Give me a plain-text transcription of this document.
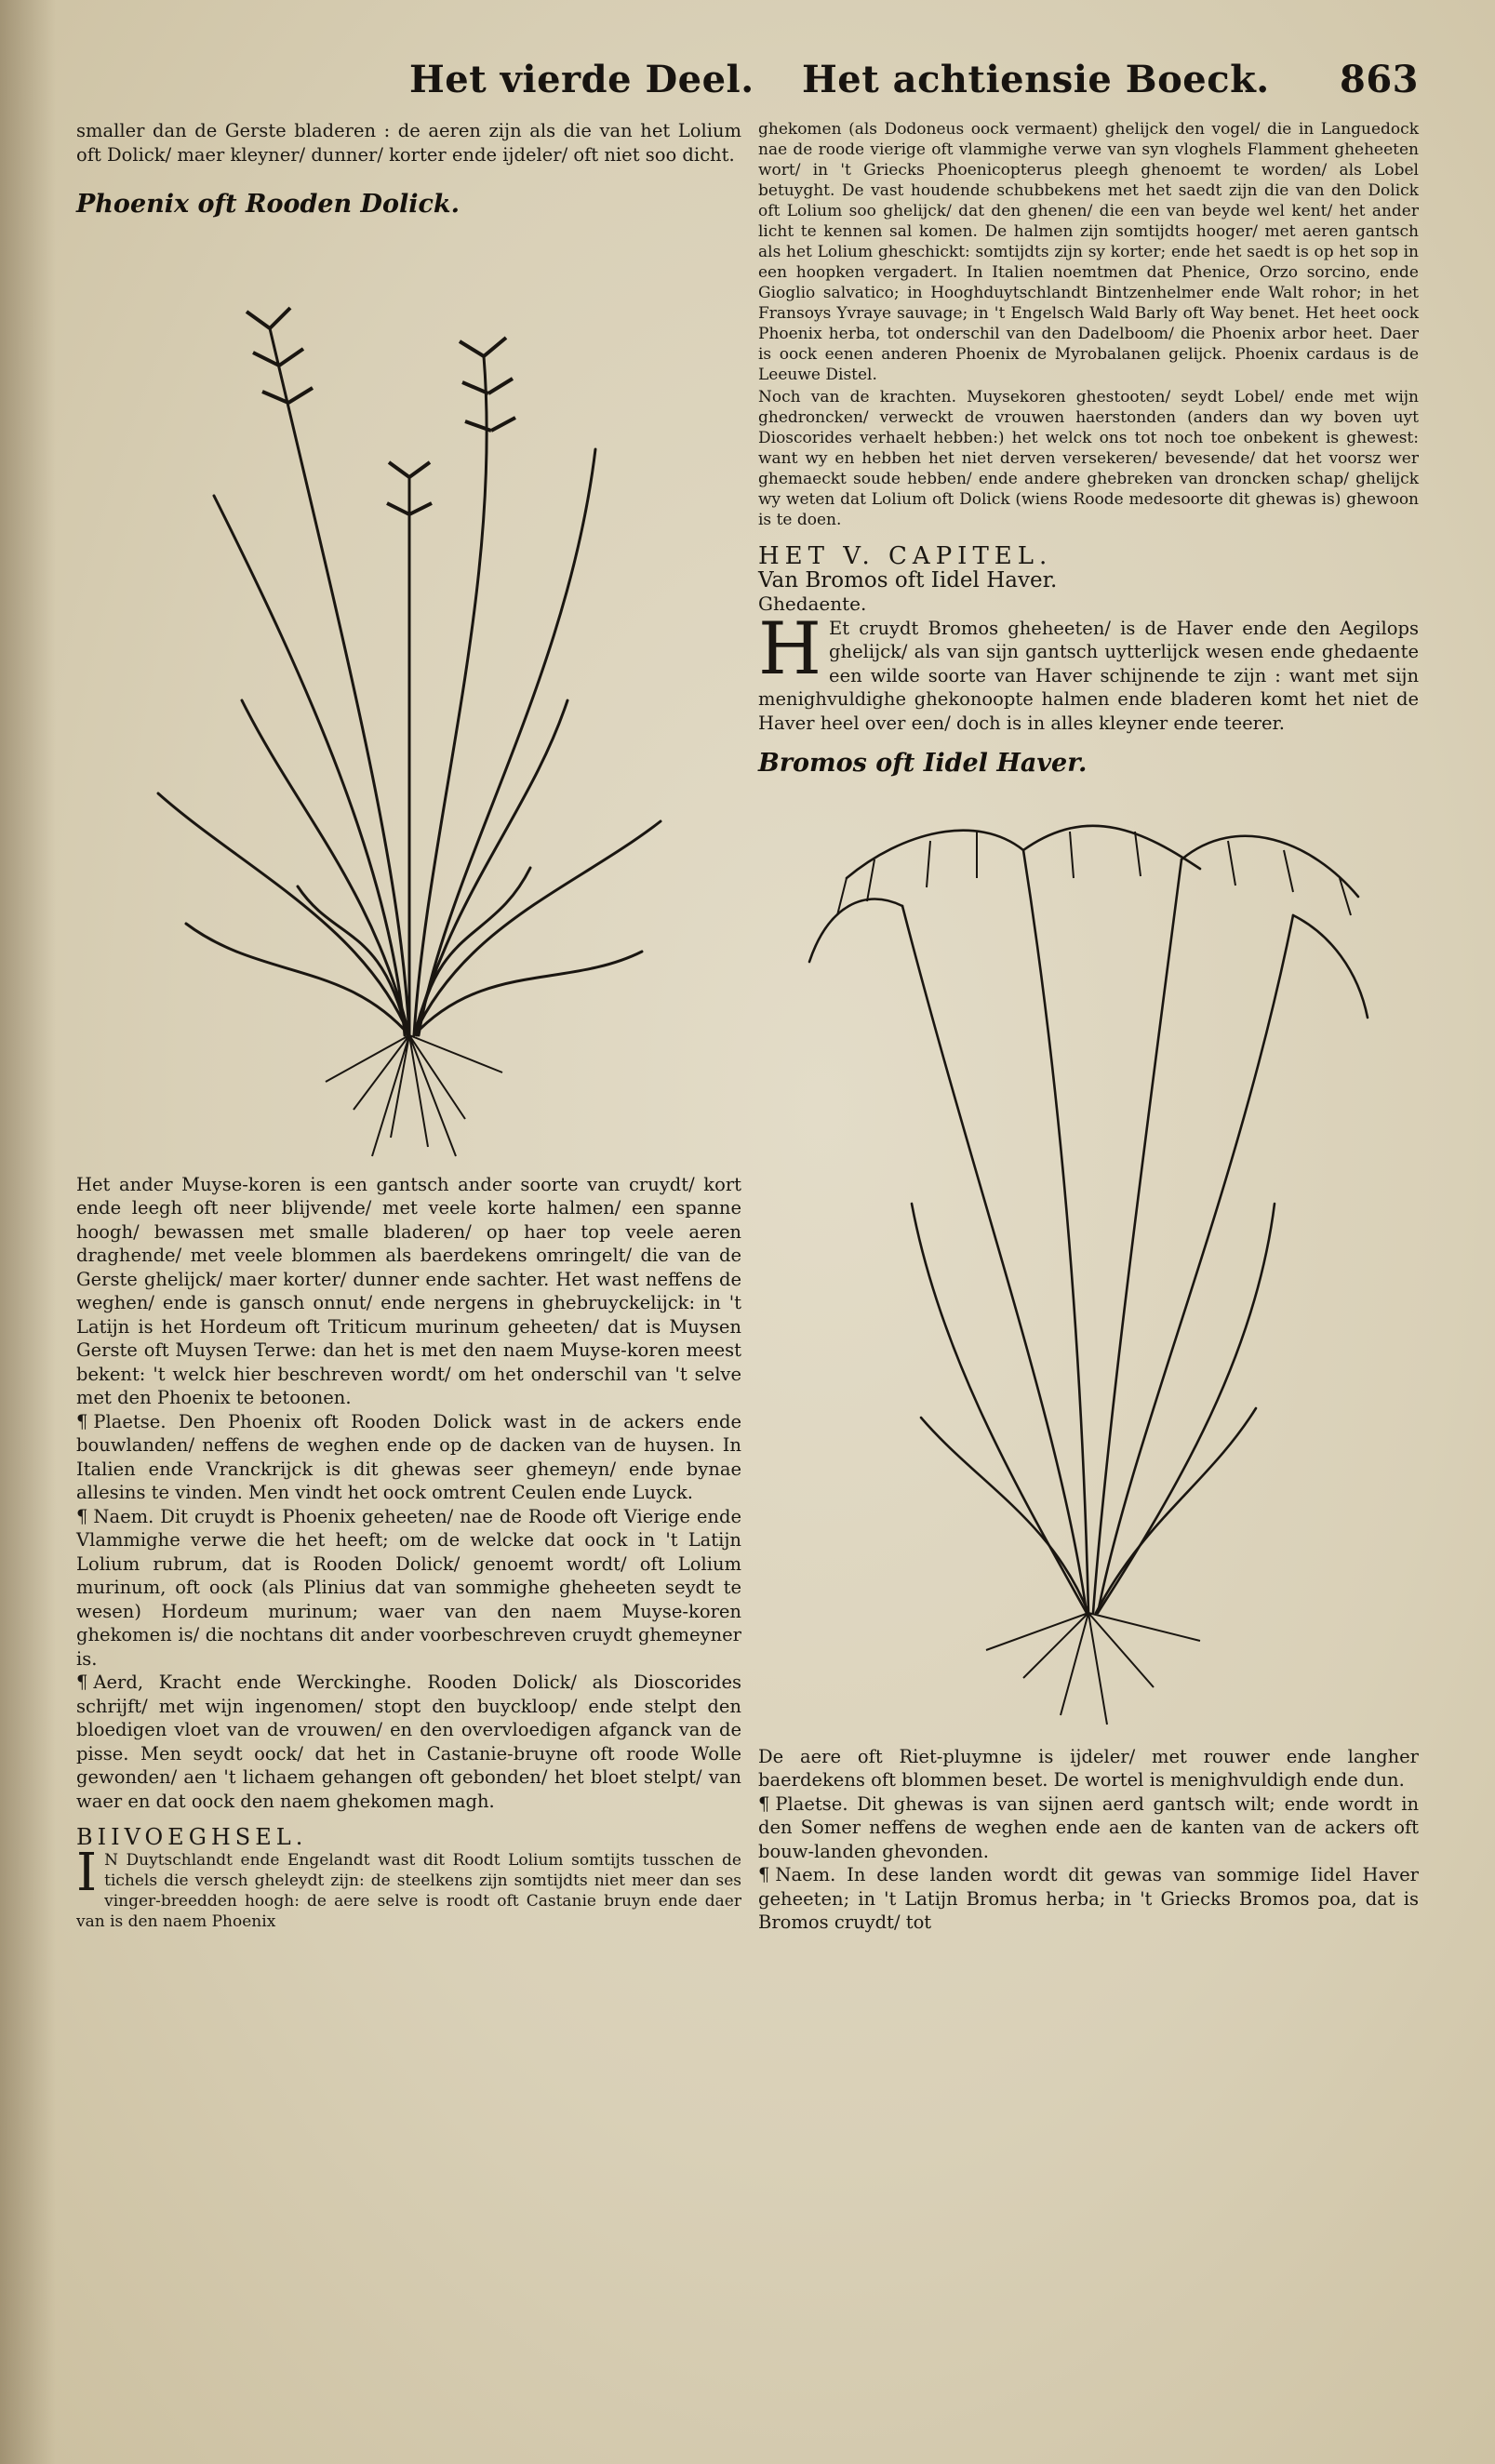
Het vierde Deel. Het achtiensie Boeck. 863

smaller dan de Gerste bladeren : de aeren zijn als die van het Lolium oft Dolick/ maer kleyner/ dunner/ korter ende ijdeler/ oft niet soo dicht.

Phoenix oft Rooden Dolick.

Het ander Muyse-koren is een gantsch ander soorte van cruydt/ kort ende leegh oft neer blijvende/ met veele korte halmen/ een spanne hoogh/ bewassen met smalle bladeren/ op haer top veele aeren draghende/ met veele blommen als baerdekens omringelt/ die van de Gerste ghelijck/ maer korter/ dunner ende sachter. Het wast neffens de weghen/ ende is gansch onnut/ ende nergens in ghebruyckelijck: in 't Latijn is het Hordeum oft Triticum murinum geheeten/ dat is Muysen Gerste oft Muysen Terwe: dan het is met den naem Muyse-koren meest bekent: 't welck hier beschreven wordt/ om het onderschil van 't selve met den Phoenix te betoonen.

¶ Plaetse. Den Phoenix oft Rooden Dolick wast in de ackers ende bouwlanden/ neffens de weghen ende op de dacken van de huysen. In Italien ende Vranckrijck is dit ghewas seer ghemeyn/ ende bynae allesins te vinden. Men vindt het oock omtrent Ceulen ende Luyck.

¶ Naem. Dit cruydt is Phoenix geheeten/ nae de Roode oft Vierige ende Vlammighe verwe die het heeft; om de welcke dat oock in 't Latijn Lolium rubrum, dat is Rooden Dolick/ genoemt wordt/ oft Lolium murinum, oft oock (als Plinius dat van sommighe gheheeten seydt te wesen) Hordeum murinum; waer van den naem Muyse-koren ghekomen is/ die nochtans dit ander voorbeschreven cruydt ghemeyner is.

¶ Aerd, Kracht ende Werckinghe. Rooden Dolick/ als Dioscorides schrijft/ met wijn ingenomen/ stopt den buyckloop/ ende stelpt den bloedigen vloet van de vrouwen/ en den overvloedigen afganck van de pisse. Men seydt oock/ dat het in Castanie-bruyne oft roode Wolle gewonden/ aen 't lichaem gehangen oft gebonden/ het bloet stelpt/ van waer en dat oock den naem ghekomen magh.

BIIVOEGHSEL.

I N Duytschlandt ende Engelandt wast dit Roodt Lolium somtijts tusschen de tichels die versch gheleydt zijn: de steelkens zijn somtijdts niet meer dan ses vinger-breedden hoogh: de aere selve is roodt oft Castanie bruyn ende daer van is den naem Phoenix

ghekomen (als Dodoneus oock vermaent) ghelijck den vogel/ die in Languedock nae de roode vierige oft vlammighe verwe van syn vloghels Flamment gheheeten wort/ in 't Griecks Phoenicopterus pleegh ghenoemt te worden/ als Lobel betuyght. De vast houdende schubbekens met het saedt zijn die van den Dolick oft Lolium soo ghelijck/ dat den ghenen/ die een van beyde wel kent/ het ander licht te kennen sal komen. De halmen zijn somtijdts hooger/ met aeren gantsch als het Lolium gheschickt: somtijdts zijn sy korter; ende het saedt is op het sop in een hoopken vergadert. In Italien noemtmen dat Phenice, Orzo sorcino, ende Gioglio salvatico; in Hooghduytschlandt Bintzenhelmer ende Walt rohor; in het Fransoys Yvraye sauvage; in 't Engelsch Wald Barly oft Way benet. Het heet oock Phoenix herba, tot onderschil van den Dadelboom/ die Phoenix arbor heet. Daer is oock eenen anderen Phoenix de Myrobalanen gelijck. Phoenix cardaus is de Leeuwe Distel.

Noch van de krachten. Muysekoren ghestooten/ seydt Lobel/ ende met wijn ghedroncken/ verweckt de vrouwen haerstonden (anders dan wy boven uyt Dioscorides verhaelt hebben:) het welck ons tot noch toe onbekent is ghewest: want wy en hebben het niet derven versekeren/ bevesende/ dat het voorsz wer ghemaeckt soude hebben/ ende andere ghebreken van droncken schap/ ghelijck wy weten dat Lolium oft Dolick (wiens Roode medesoorte dit ghewas is) ghewoon is te doen.

HET V. CAPITEL.

Van Bromos oft Iidel Haver.

Ghedaente.

H Et cruydt Bromos gheheeten/ is de Haver ende den Aegilops ghelijck/ als van sijn gantsch uytterlijck wesen ende ghedaente een wilde soorte van Haver schijnende te zijn : want met sijn menighvuldighe ghekonoopte halmen ende bladeren komt het niet de Haver heel over een/ doch is in alles kleyner ende teerer.

Bromos oft Iidel Haver.

De aere oft Riet-pluymne is ijdeler/ met rouwer ende langher baerdekens oft blommen beset. De wortel is menighvuldigh ende dun.

¶ Plaetse. Dit ghewas is van sijnen aerd gantsch wilt; ende wordt in den Somer neffens de weghen ende aen de kanten van de ackers oft bouw-landen ghevonden.

¶ Naem. In dese landen wordt dit gewas van sommige Iidel Haver geheeten; in 't Latijn Bromus herba; in 't Griecks Bromos poa, dat is Bromos cruydt/ tot
